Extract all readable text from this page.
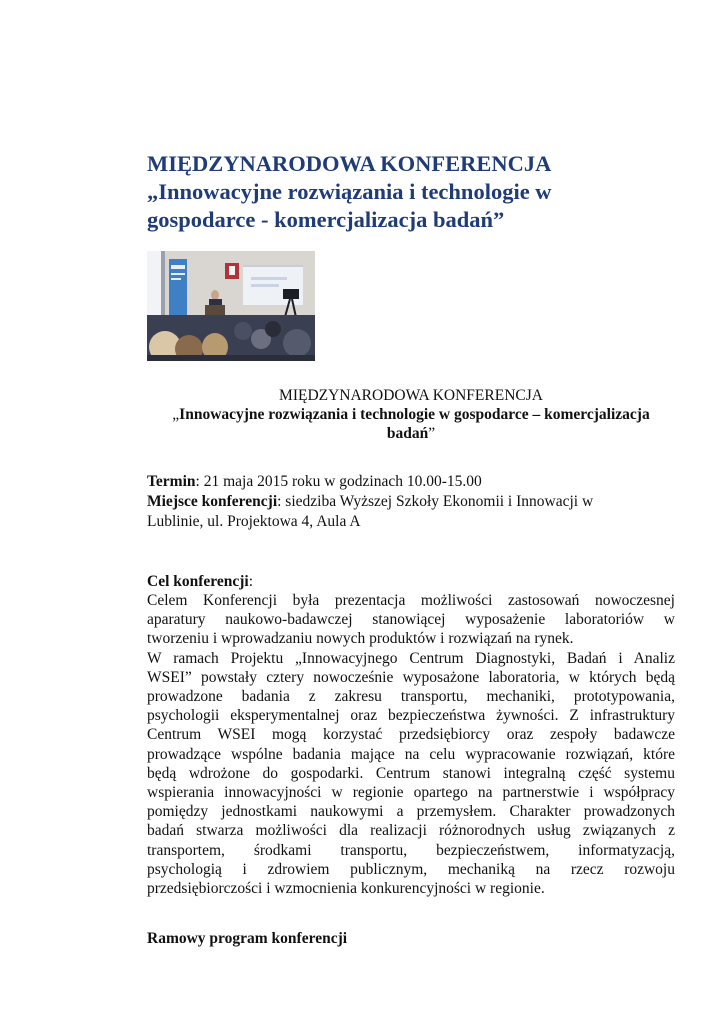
MIĘDZYNARODOWA KONFERENCJA
„Innowacyjne rozwiązania i technologie w
gospodarce - komercjalizacja badań”
MIĘDZYNARODOWA KONFERENCJA
„Innowacyjne rozwiązania i technologie w gospodarce – komercjalizacja
badań”
Termin: 21 maja 2015 roku w godzinach 10.00-15.00
Miejsce konferencji: siedziba Wyższej Szkoły Ekonomii i Innowacji w
Lublinie, ul. Projektowa 4, Aula A
Cel konferencji:
Celem Konferencji była prezentacja możliwości zastosowań nowoczesnej
aparatury naukowo-badawczej stanowiącej wyposażenie laboratoriów w
tworzeniu i wprowadzaniu nowych produktów i rozwiązań na rynek.
W ramach Projektu „Innowacyjnego Centrum Diagnostyki, Badań i Analiz
WSEI” powstały cztery nowocześnie wyposażone laboratoria, w których będą
prowadzone badania z zakresu transportu, mechaniki, prototypowania,
psychologii eksperymentalnej oraz bezpieczeństwa żywności. Z infrastruktury
Centrum WSEI mogą korzystać przedsiębiorcy oraz zespoły badawcze
prowadzące wspólne badania mające na celu wypracowanie rozwiązań, które
będą wdrożone do gospodarki. Centrum stanowi integralną część systemu
wspierania innowacyjności w regionie opartego na partnerstwie i współpracy
pomiędzy jednostkami naukowymi a przemysłem. Charakter prowadzonych
badań stwarza możliwości dla realizacji różnorodnych usług związanych z
transportem, środkami transportu, bezpieczeństwem, informatyzacją,
psychologią i zdrowiem publicznym, mechaniką na rzecz rozwoju
przedsiębiorczości i wzmocnienia konkurencyjności w regionie.
Ramowy program konferencji
